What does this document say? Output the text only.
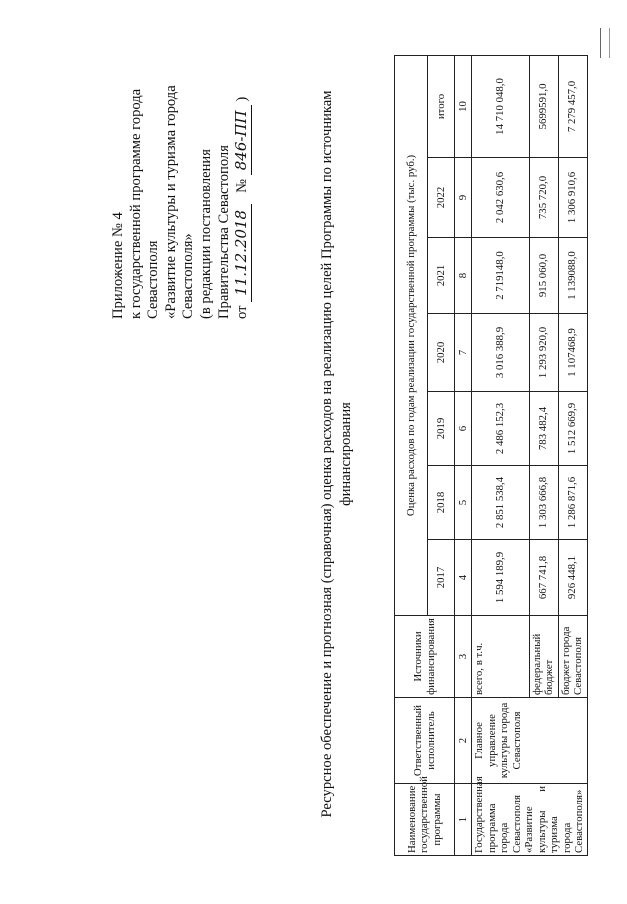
Приложение № 4 к государственной программе города Севастополя «Развитие культуры и туризма города Севастополя» (в редакции постановления Правительства Севастополя от 11.12.2018   № 846-ПП )	Ресурсное обеспечение и прогнозная (справочная) оценка расходов на реализацию целей Программы по источникам финансирования
Наименование государственной программы	Ответственный исполнитель	Источники финансирования	Оценка расходов по годам реализации государственной программы (тыс. руб.)						
			2017	2018	2019	2020	2021	2022	итого
1	2	3	4	5	6	7	8	9	10
Государственная программа города Севастополя «Развитие культуры и туризма города Севастополя»	Главное управление культуры города Севастополя	всего, в т.ч.	1 594 189,9	2 851 538,4	2 486 152,3	3 016 388,9	2 719148,0	2 042 630,6	14 710 048,0
		федеральный бюджет	667 741,8	1 303 666,8	783 482,4	1 293 920,0	915 060,0	735 720,0	5699591,0
		бюджет города Севастополя	926 448,1	1 286 871,6	1 512 669,9	1 107468,9	1 139088,0	1 306 910,6	7 279 457,0
